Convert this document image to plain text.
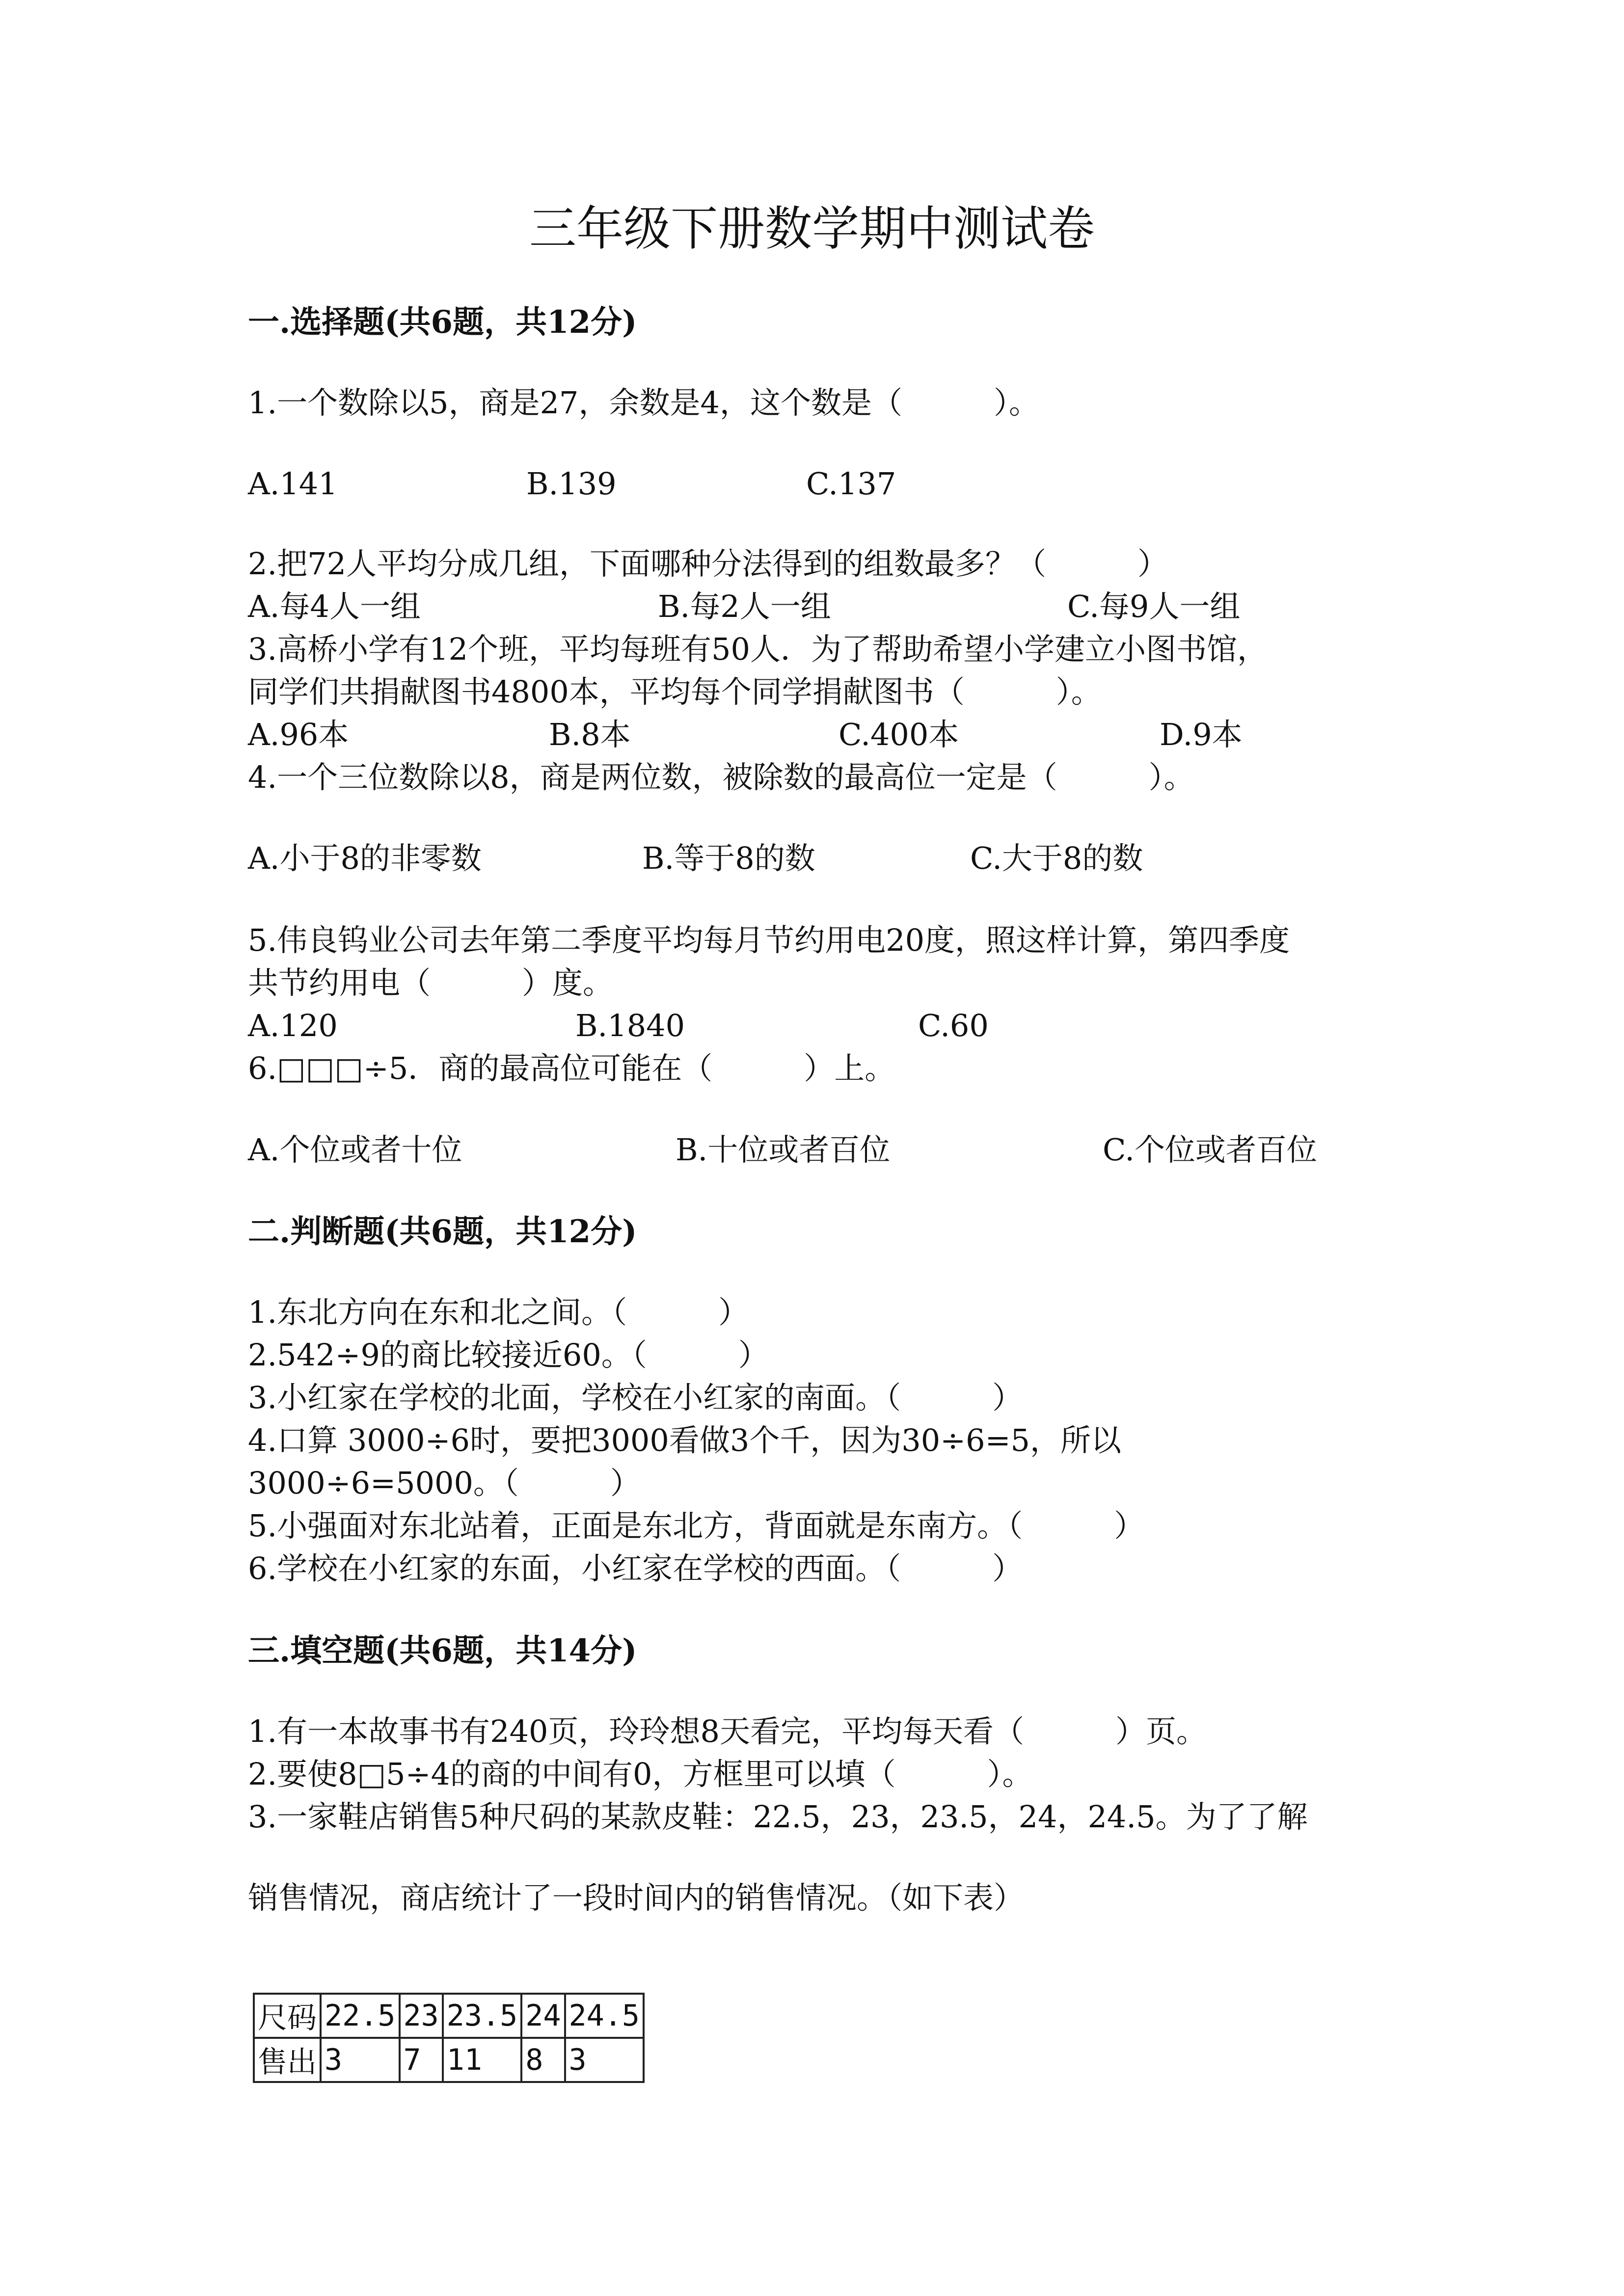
三年级下册数学期中测试卷
一.选择题(共6题，共12分)
1.一个数除以5，商是27，余数是4，这个数是（　　　）。
A.141	B.139	C.137
2.把72人平均分成几组，下面哪种分法得到的组数最多？（　　　）
A.每4人一组	B.每2人一组	C.每9人一组
3.高桥小学有12个班，平均每班有50人．为了帮助希望小学建立小图书馆，
同学们共捐献图书4800本，平均每个同学捐献图书（　　　）。
A.96本	B.8本	C.400本	D.9本
4.一个三位数除以8，商是两位数，被除数的最高位一定是（　　　）。
A.小于8的非零数	B.等于8的数	C.大于8的数
5.伟良钨业公司去年第二季度平均每月节约用电20度，照这样计算，第四季度
共节约用电（　　　）度。
A.120	B.1840	C.60
6.□□□÷5．商的最高位可能在（　　　）上。
A.个位或者十位	B.十位或者百位	C.个位或者百位
二.判断题(共6题，共12分)
1.东北方向在东和北之间。（　　　）
2.542÷9的商比较接近60。（　　　）
3.小红家在学校的北面，学校在小红家的南面。（　　　）
4.口算 3000÷6时，要把3000看做3个千，因为30÷6=5，所以
3000÷6=5000。（　　　）
5.小强面对东北站着，正面是东北方，背面就是东南方。（　　　）
6.学校在小红家的东面，小红家在学校的西面。（　　　）
三.填空题(共6题，共14分)
1.有一本故事书有240页，玲玲想8天看完，平均每天看（　　　）页。
2.要使8□5÷4的商的中间有0，方框里可以填（　　　）。
3.一家鞋店销售5种尺码的某款皮鞋：22.5，23，23.5，24，24.5。为了了解
销售情况，商店统计了一段时间内的销售情况。（如下表）
尺码	22.5	23	23.5	24	24.5
售出	3	7	11	8	3
